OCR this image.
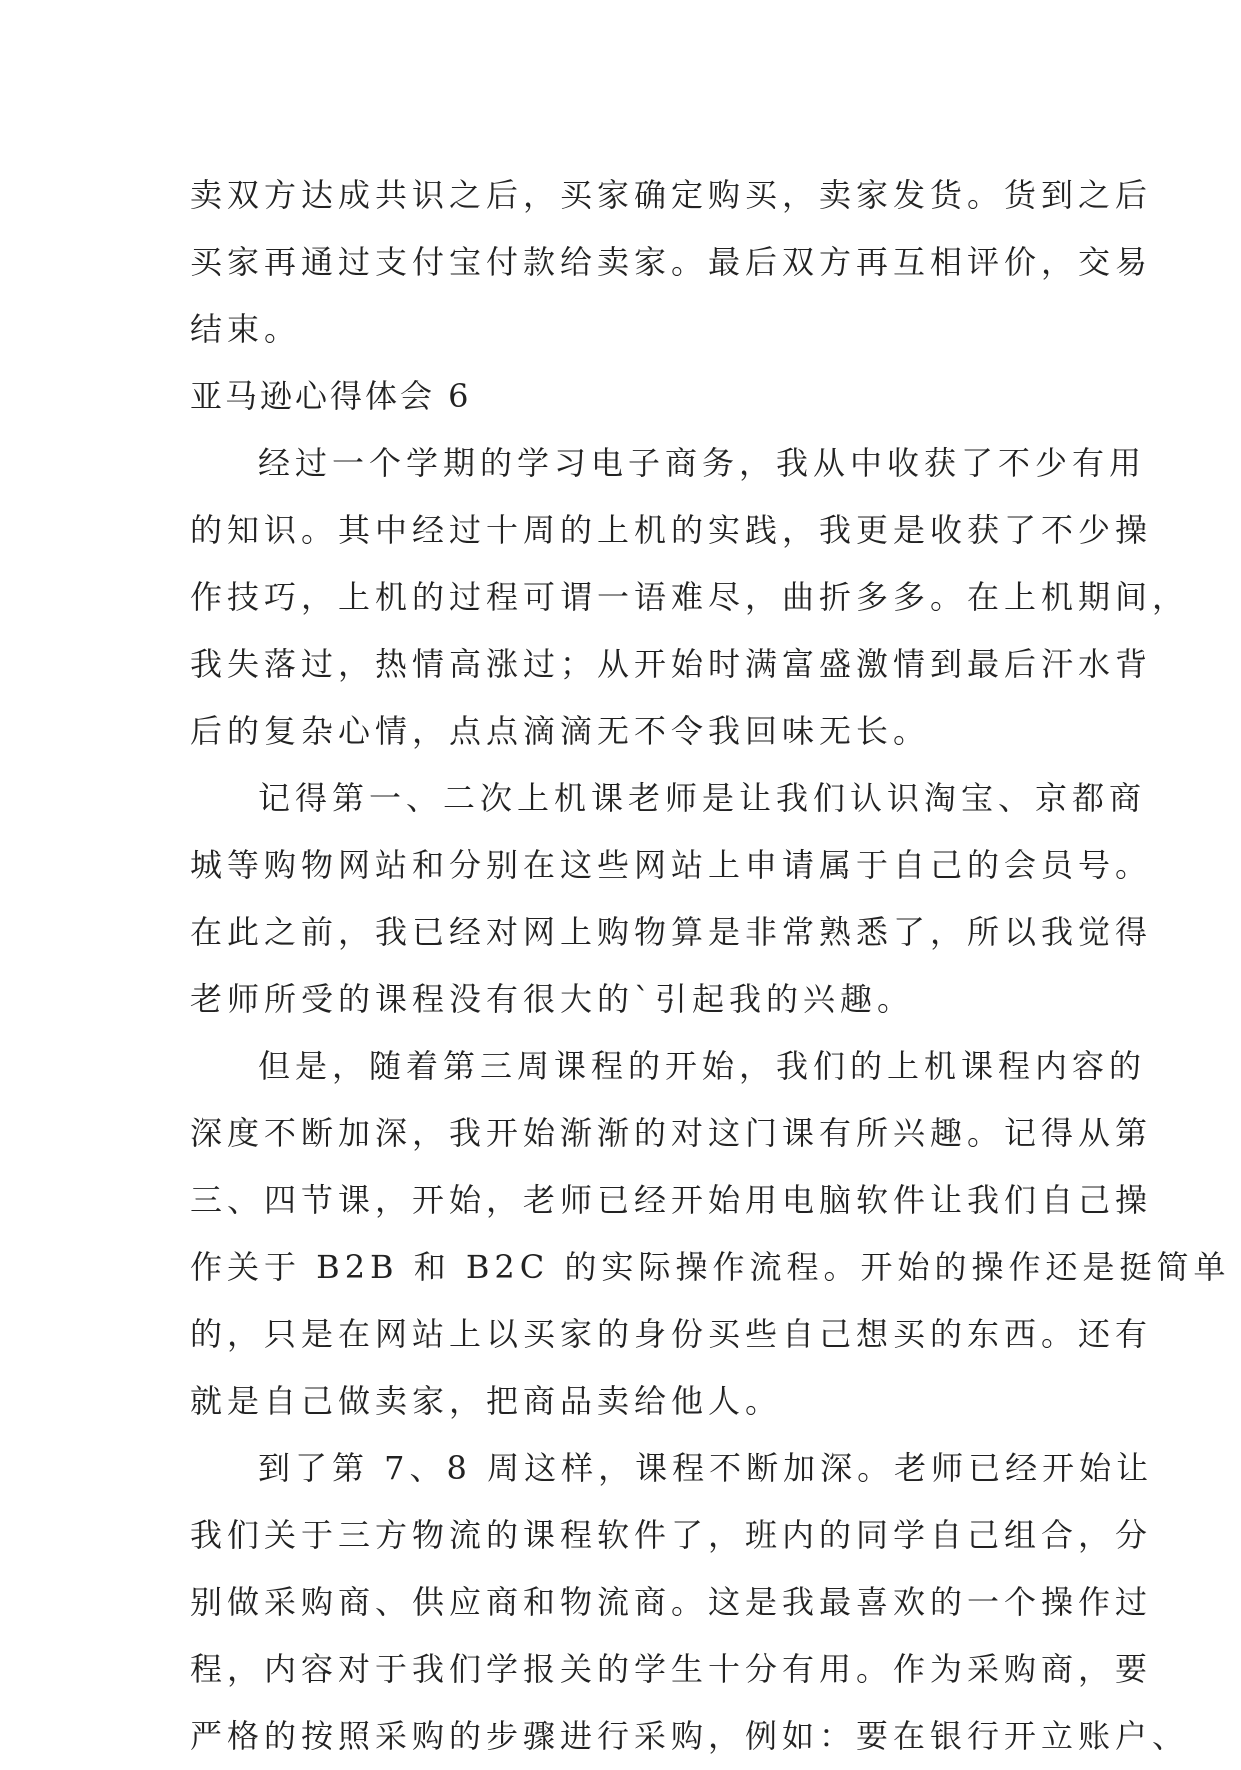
卖双方达成共识之后，买家确定购买，卖家发货。货到之后
买家再通过支付宝付款给卖家。最后双方再互相评价，交易
结束。
亚马逊心得体会 6
经过一个学期的学习电子商务，我从中收获了不少有用
的知识。其中经过十周的上机的实践，我更是收获了不少操
作技巧，上机的过程可谓一语难尽，曲折多多。在上机期间，
我失落过，热情高涨过；从开始时满富盛激情到最后汗水背
后的复杂心情，点点滴滴无不令我回味无长。
记得第一、二次上机课老师是让我们认识淘宝、京都商
城等购物网站和分别在这些网站上申请属于自己的会员号。
在此之前，我已经对网上购物算是非常熟悉了，所以我觉得
老师所受的课程没有很大的`引起我的兴趣。
但是，随着第三周课程的开始，我们的上机课程内容的
深度不断加深，我开始渐渐的对这门课有所兴趣。记得从第
三、四节课，开始，老师已经开始用电脑软件让我们自己操
作关于 B2B 和 B2C 的实际操作流程。开始的操作还是挺简单
的，只是在网站上以买家的身份买些自己想买的东西。还有
就是自己做卖家，把商品卖给他人。
到了第 7、8 周这样，课程不断加深。老师已经开始让
我们关于三方物流的课程软件了，班内的同学自己组合，分
别做采购商、供应商和物流商。这是我最喜欢的一个操作过
程，内容对于我们学报关的学生十分有用。作为采购商，要
严格的按照采购的步骤进行采购，例如：要在银行开立账户、
